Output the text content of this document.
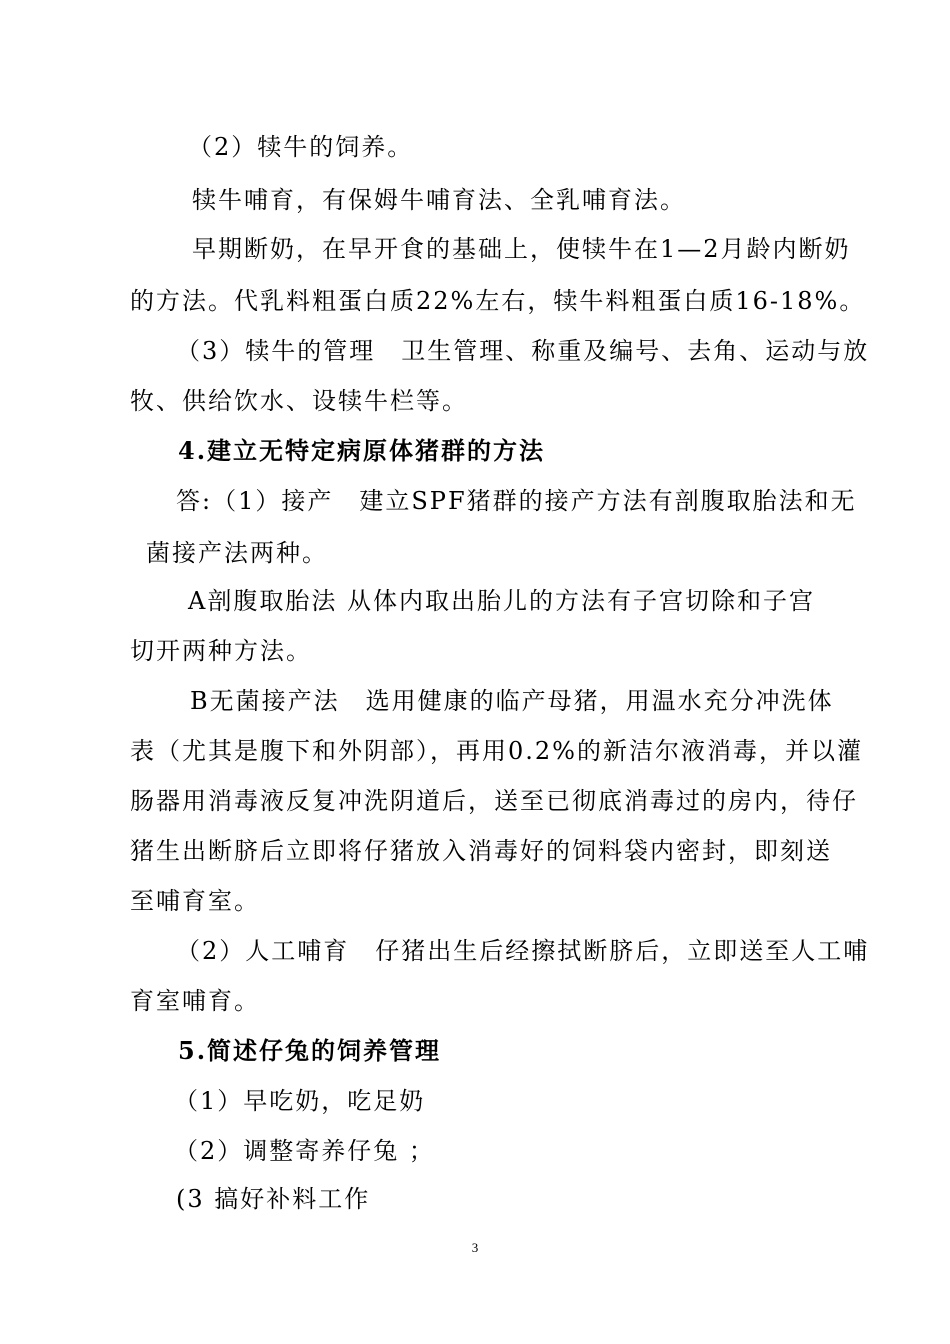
（2）犊牛的饲养。
犊牛哺育，有保姆牛哺育法、全乳哺育法。
早期断奶，在早开食的基础上，使犊牛在1—2月龄内断奶
的方法。代乳料粗蛋白质22%左右，犊牛料粗蛋白质16-18%。
（3）犊牛的管理　卫生管理、称重及编号、去角、运动与放
牧、供给饮水、设犊牛栏等。
4.建立无特定病原体猪群的方法
答:（1）接产　建立SPF猪群的接产方法有剖腹取胎法和无
菌接产法两种。
A剖腹取胎法 从体内取出胎儿的方法有子宫切除和子宫
切开两种方法。
B无菌接产法　选用健康的临产母猪，用温水充分冲洗体
表（尤其是腹下和外阴部），再用0.2%的新洁尔液消毒，并以灌
肠器用消毒液反复冲洗阴道后，送至已彻底消毒过的房内，待仔
猪生出断脐后立即将仔猪放入消毒好的饲料袋内密封，即刻送
至哺育室。
（2）人工哺育　仔猪出生后经擦拭断脐后，立即送至人工哺
育室哺育。
5.简述仔兔的饲养管理
（1）早吃奶，吃足奶
（2）调整寄养仔兔 ；
(3 搞好补料工作
3
